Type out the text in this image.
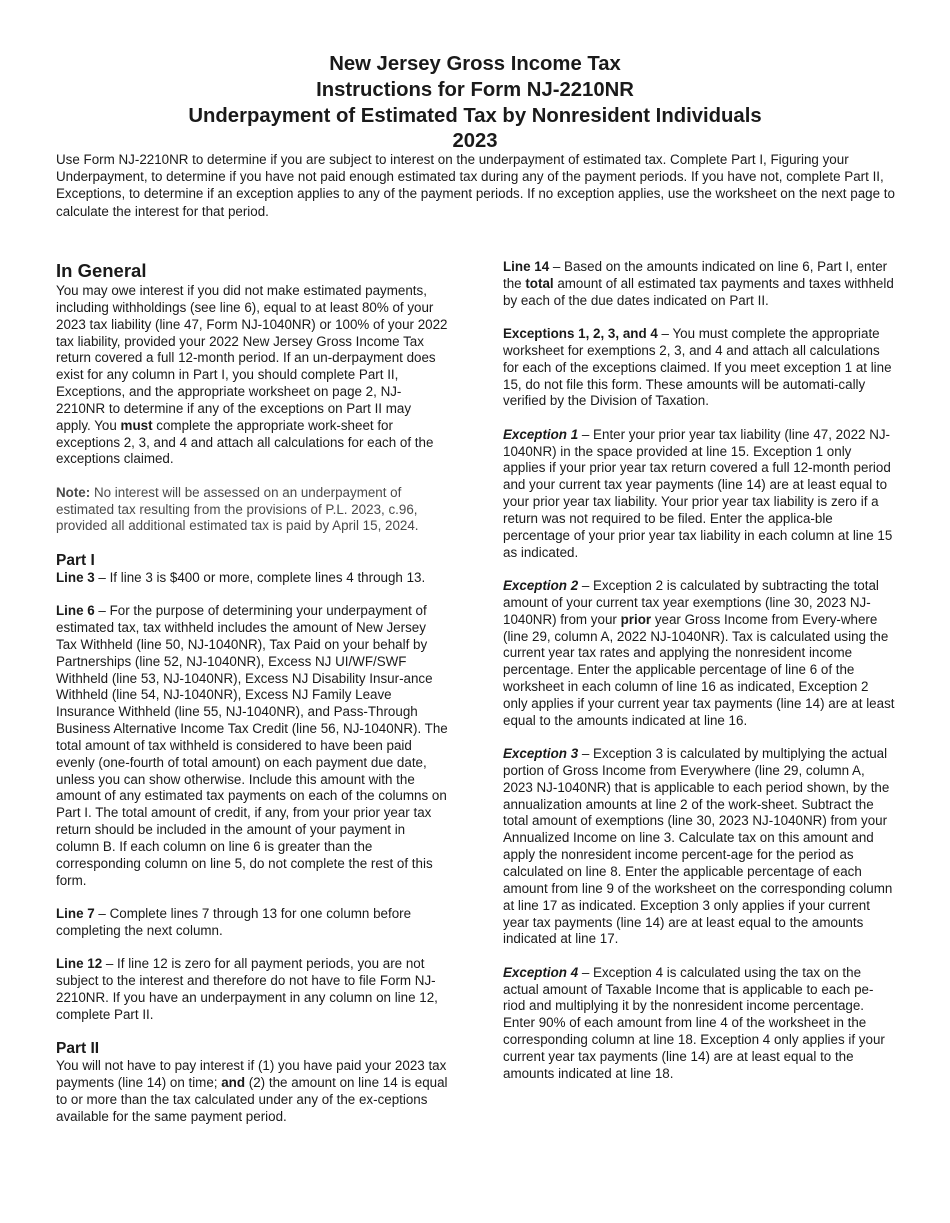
New Jersey Gross Income Tax

Instructions for Form NJ-2210NR

Underpayment of Estimated Tax by Nonresident Individuals

2023

Use Form NJ-2210NR to determine if you are subject to interest on the underpayment of estimated tax. Complete Part I, Figuring your Underpayment, to determine if you have not paid enough estimated tax during any of the payment periods. If you have not, complete Part II, Exceptions, to determine if an exception applies to any of the payment periods. If no exception applies, use the worksheet on the next page to calculate the interest for that period.

In General

You may owe interest if you did not make estimated payments, including withholdings (see line 6), equal to at least 80% of your 2023 tax liability (line 47, Form NJ-1040NR) or 100% of your 2022 tax liability, provided your 2022 New Jersey Gross Income Tax return covered a full 12-month period. If an un-derpayment does exist for any column in Part I, you should complete Part II, Exceptions, and the appropriate worksheet on page 2, NJ-2210NR to determine if any of the exceptions on Part II may apply. You must complete the appropriate work-sheet for exceptions 2, 3, and 4 and attach all calculations for each of the exceptions claimed.

Note: No interest will be assessed on an underpayment of estimated tax resulting from the provisions of P.L. 2023, c.96, provided all additional estimated tax is paid by April 15, 2024.

Part I

Line 3 – If line 3 is $400 or more, complete lines 4 through 13.

Line 6 – For the purpose of determining your underpayment of estimated tax, tax withheld includes the amount of New Jersey Tax Withheld (line 50, NJ-1040NR), Tax Paid on your behalf by Partnerships (line 52, NJ-1040NR), Excess NJ UI/WF/SWF Withheld (line 53, NJ-1040NR), Excess NJ Disability Insur-ance Withheld (line 54, NJ-1040NR), Excess NJ Family Leave Insurance Withheld (line 55, NJ-1040NR), and Pass-Through Business Alternative Income Tax Credit (line 56, NJ-1040NR). The total amount of tax withheld is considered to have been paid evenly (one-fourth of total amount) on each payment due date, unless you can show otherwise. Include this amount with the amount of any estimated tax payments on each of the columns on Part I. The total amount of credit, if any, from your prior year tax return should be included in the amount of your payment in column B. If each column on line 6 is greater than the corresponding column on line 5, do not complete the rest of this form.

Line 7 – Complete lines 7 through 13 for one column before completing the next column.

Line 12 – If line 12 is zero for all payment periods, you are not subject to the interest and therefore do not have to file Form NJ-2210NR. If you have an underpayment in any column on line 12, complete Part II.

Part II

You will not have to pay interest if (1) you have paid your 2023 tax payments (line 14) on time; and (2) the amount on line 14 is equal to or more than the tax calculated under any of the ex-ceptions available for the same payment period.

Line 14 – Based on the amounts indicated on line 6, Part I, enter the total amount of all estimated tax payments and taxes withheld by each of the due dates indicated on Part II.

Exceptions 1, 2, 3, and 4 – You must complete the appropriate worksheet for exemptions 2, 3, and 4 and attach all calculations for each of the exceptions claimed. If you meet exception 1 at line 15, do not file this form. These amounts will be automati-cally verified by the Division of Taxation.

Exception 1 – Enter your prior year tax liability (line 47, 2022 NJ-1040NR) in the space provided at line 15. Exception 1 only applies if your prior year tax return covered a full 12-month period and your current tax year payments (line 14) are at least equal to your prior year tax liability. Your prior year tax liability is zero if a return was not required to be filed. Enter the applica-ble percentage of your prior year tax liability in each column at line 15 as indicated.

Exception 2 – Exception 2 is calculated by subtracting the total amount of your current tax year exemptions (line 30, 2023 NJ-1040NR) from your prior year Gross Income from Every-where (line 29, column A, 2022 NJ-1040NR). Tax is calculated using the current year tax rates and applying the nonresident income percentage. Enter the applicable percentage of line 6 of the worksheet in each column of line 16 as indicated, Exception 2 only applies if your current year tax payments (line 14) are at least equal to the amounts indicated at line 16.

Exception 3 – Exception 3 is calculated by multiplying the actual portion of Gross Income from Everywhere (line 29, column A, 2023 NJ-1040NR) that is applicable to each period shown, by the annualization amounts at line 2 of the work-sheet. Subtract the total amount of exemptions (line 30, 2023 NJ-1040NR) from your Annualized Income on line 3. Calculate tax on this amount and apply the nonresident income percent-age for the period as calculated on line 8. Enter the applicable percentage of each amount from line 9 of the worksheet on the corresponding column at line 17 as indicated. Exception 3 only applies if your current year tax payments (line 14) are at least equal to the amounts indicated at line 17.

Exception 4 – Exception 4 is calculated using the tax on the actual amount of Taxable Income that is applicable to each pe-riod and multiplying it by the nonresident income percentage. Enter 90% of each amount from line 4 of the worksheet in the corresponding column at line 18. Exception 4 only applies if your current year tax payments (line 14) are at least equal to the amounts indicated at line 18.
